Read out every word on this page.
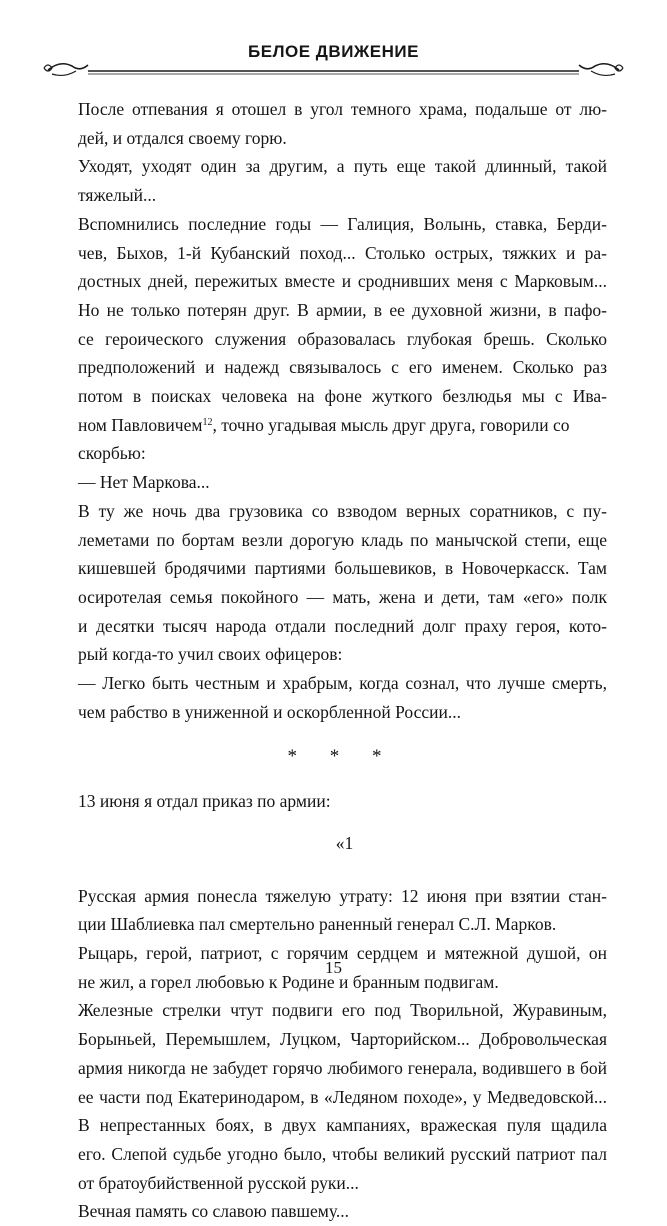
БЕЛОЕ ДВИЖЕНИЕ

После отпевания я отошел в угол темного храма, подальше от лю-
дей, и отдался своему горю.

Уходят, уходят один за другим, а путь еще такой длинный, такой
тяжелый...

Вспомнились последние годы — Галиция, Волынь, ставка, Берди-
чев, Быхов, 1-й Кубанский поход... Столько острых, тяжких и ра-
достных дней, пережитых вместе и сроднивших меня с Марковым...
Но не только потерян друг. В армии, в ее духовной жизни, в пафо-
се героического служения образовалась глубокая брешь. Сколько
предположений и надежд связывалось с его именем. Сколько раз
потом в поисках человека на фоне жуткого безлюдья мы с Ива-
ном Павловичем$^{12}$, точно угадывая мысль друг друга, говорили со
скорбью:

— Нет Маркова...

В ту же ночь два грузовика со взводом верных соратников, с пу-
леметами по бортам везли дорогую кладь по манычской степи, еще
кишевшей бродячими партиями большевиков, в Новочеркасск. Там
осиротелая семья покойного — мать, жена и дети, там «его» полк
и десятки тысяч народа отдали последний долг праху героя, кото-
рый когда-то учил своих офицеров:

— Легко быть честным и храбрым, когда сознал, что лучше смерть,
чем рабство в униженной и оскорбленной России...

* * *

13 июня я отдал приказ по армии:

«1

Русская армия понесла тяжелую утрату: 12 июня при взятии стан-
ции Шаблиевка пал смертельно раненный генерал С.Л. Марков.

Рыцарь, герой, патриот, с горячим сердцем и мятежной душой, он
не жил, а горел любовью к Родине и бранным подвигам.

Железные стрелки чтут подвиги его под Творильной, Журавиным,
Борыньей, Перемышлем, Луцком, Чарторийском... Добровольческая
армия никогда не забудет горячо любимого генерала, водившего в бой
ее части под Екатеринодаром, в «Ледяном походе», у Медведовской...

В непрестанных боях, в двух кампаниях, вражеская пуля щадила
его. Слепой судьбе угодно было, чтобы великий русский патриот пал
от братоубийственной русской руки...

Вечная память со славою павшему...

15
